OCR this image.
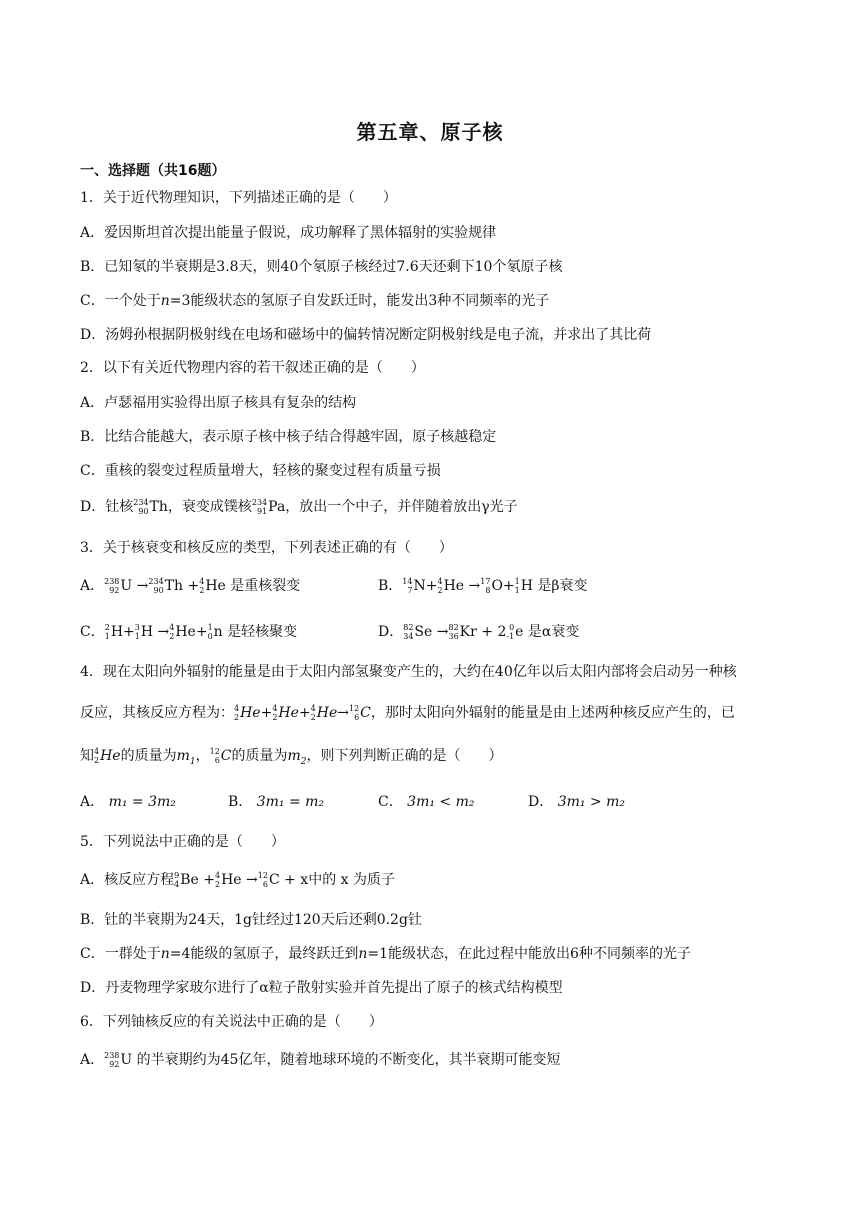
第五章、原子核
一、选择题（共16题）
1．关于近代物理知识，下列描述正确的是（　　）
A．爱因斯坦首次提出能量子假说，成功解释了黑体辐射的实验规律
B．已知氡的半衰期是3.8天，则40个氡原子核经过7.6天还剩下10个氡原子核
C．一个处于n=3能级状态的氢原子自发跃迁时，能发出3种不同频率的光子
D．汤姆孙根据阴极射线在电场和磁场中的偏转情况断定阴极射线是电子流，并求出了其比荷
2．以下有关近代物理内容的若干叙述正确的是（　　）
A．卢瑟福用实验得出原子核具有复杂的结构
B．比结合能越大，表示原子核中核子结合得越牢固，原子核越稳定
C．重核的裂变过程质量增大，轻核的聚变过程有质量亏损
D．钍核 234
90 Th，衰变成镤核 234
91 Pa，放出一个中子，并伴随着放出γ光子
3．关于核衰变和核反应的类型，下列表述正确的有（　　）
A． 238
92 U → 234
90 Th + 4
2 He 是重核裂变	B． 14
7 N+ 4
2 He → 17
8 O+ 1
1 H 是β衰变
C． 2
1 H+ 3
1 H → 4
2 He+ 1
0 n 是轻核聚变	D． 82
34 Se → 82
36 Kr + 2 0
-1 e 是α衰变
4．现在太阳向外辐射的能量是由于太阳内部氢聚变产生的，大约在40亿年以后太阳内部将会启动另一种核
反应，其核反应方程为： 4
2 He+ 4
2 He+ 4
2 He→ 12
6 C，那时太阳向外辐射的能量是由上述两种核反应产生的，已
知 4
2 He的质量为$m_1$， 12
6 C的质量为$m_2$，则下列判断正确的是（　　）
A． m₁ = 3m₂	B． 3m₁ = m₂	C． 3m₁ < m₂	D． 3m₁ > m₂
5．下列说法中正确的是（　　）
A．核反应方程 9
4 Be + 4
2 He → 12
6 C + x中的 x 为质子
B．钍的半衰期为24天，1g钍经过120天后还剩0.2g钍
C．一群处于n=4能级的氢原子，最终跃迁到n=1能级状态，在此过程中能放出6种不同频率的光子
D．丹麦物理学家玻尔进行了α粒子散射实验并首先提出了原子的核式结构模型
6．下列铀核反应的有关说法中正确的是（　　）
A． 238
92 U 的半衰期约为45亿年，随着地球环境的不断变化，其半衰期可能变短
